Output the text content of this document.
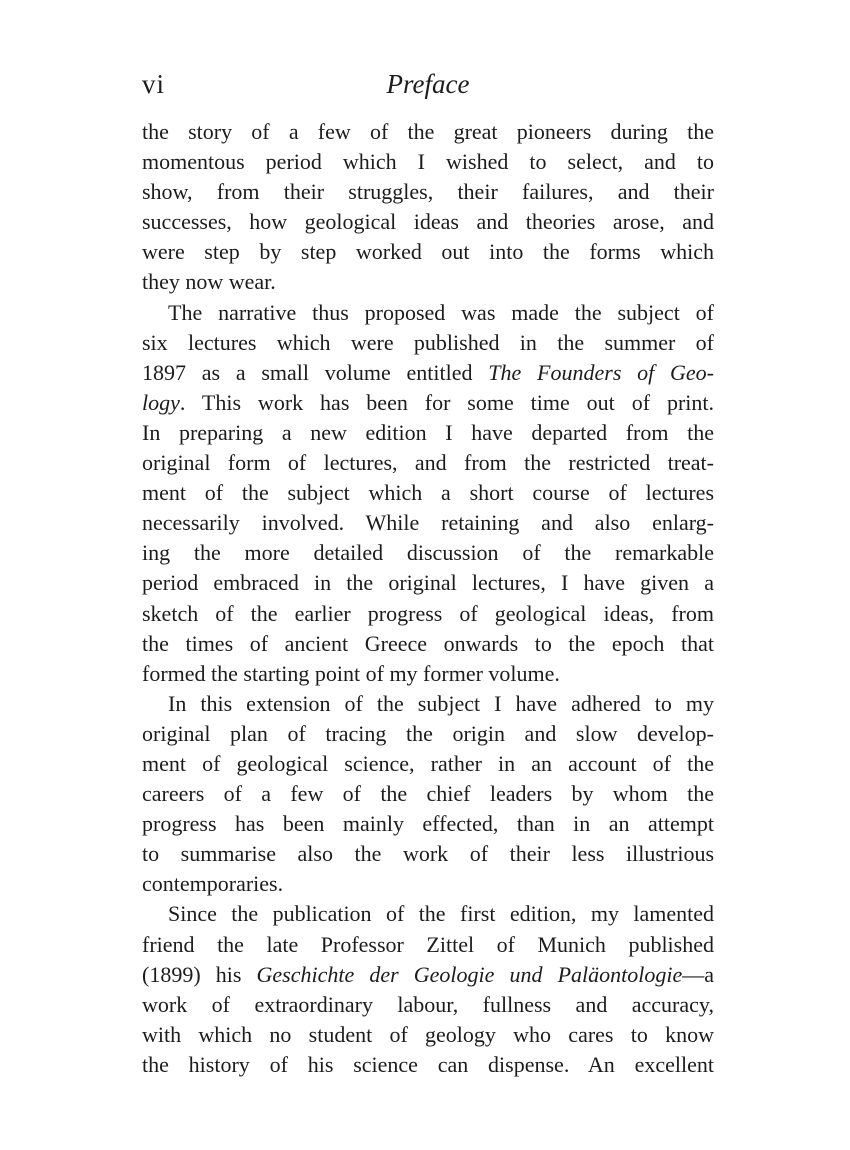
vi	Preface
the story of a few of the great pioneers during the
momentous period which I wished to select, and to
show, from their struggles, their failures, and their
successes, how geological ideas and theories arose, and
were step by step worked out into the forms which
they now wear.
The narrative thus proposed was made the subject of
six lectures which were published in the summer of
1897 as a small volume entitled The Founders of Geo-
logy. This work has been for some time out of print.
In preparing a new edition I have departed from the
original form of lectures, and from the restricted treat-
ment of the subject which a short course of lectures
necessarily involved. While retaining and also enlarg-
ing the more detailed discussion of the remarkable
period embraced in the original lectures, I have given a
sketch of the earlier progress of geological ideas, from
the times of ancient Greece onwards to the epoch that
formed the starting point of my former volume.
In this extension of the subject I have adhered to my
original plan of tracing the origin and slow develop-
ment of geological science, rather in an account of the
careers of a few of the chief leaders by whom the
progress has been mainly effected, than in an attempt
to summarise also the work of their less illustrious
contemporaries.
Since the publication of the first edition, my lamented
friend the late Professor Zittel of Munich published
(1899) his Geschichte der Geologie und Paläontologie—a
work of extraordinary labour, fullness and accuracy,
with which no student of geology who cares to know
the history of his science can dispense. An excellent
